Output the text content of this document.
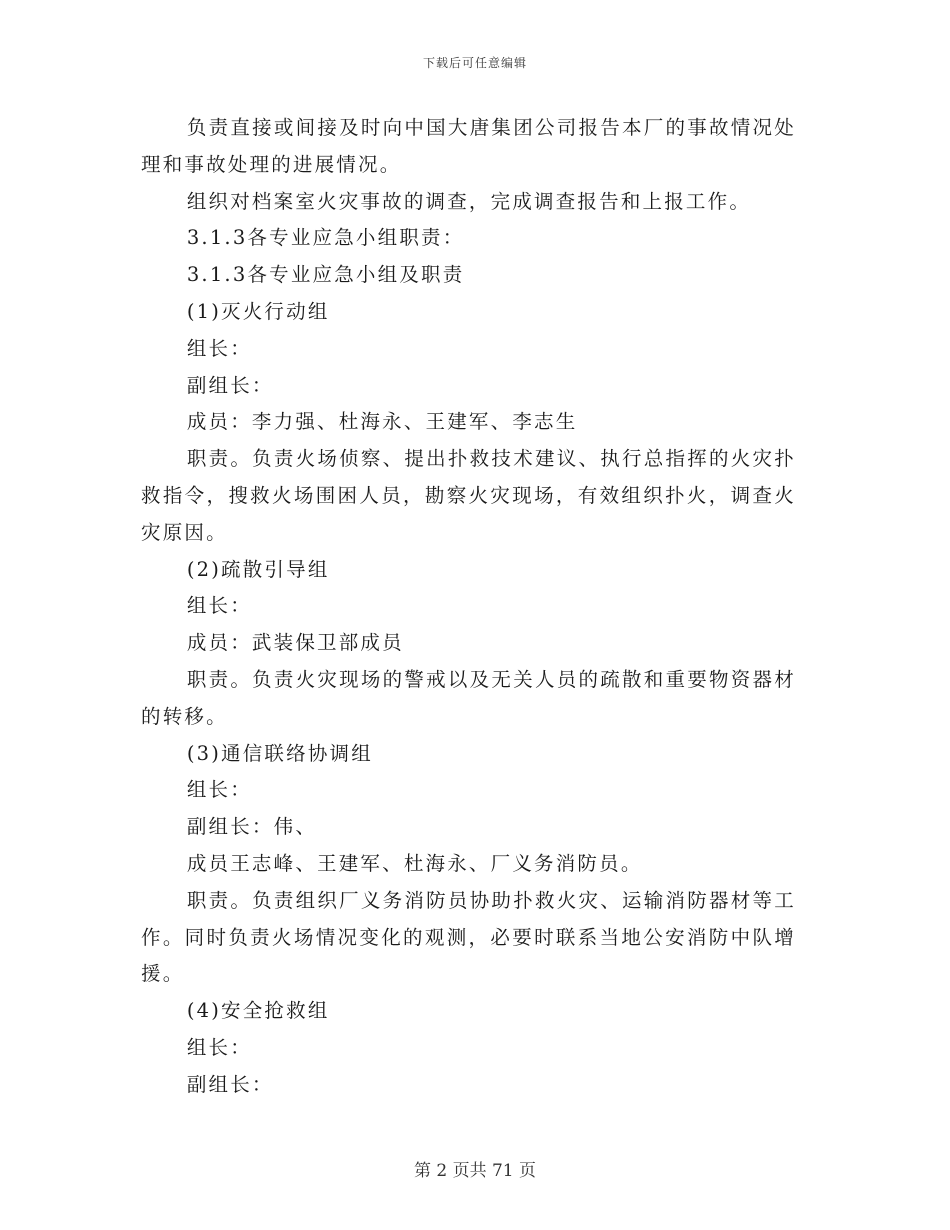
下载后可任意编辑

负责直接或间接及时向中国大唐集团公司报告本厂的事故情况处理和事故处理的进展情况。

组织对档案室火灾事故的调查，完成调查报告和上报工作。

3.1.3各专业应急小组职责：

3.1.3各专业应急小组及职责

(1)灭火行动组

组长：

副组长：

成员：李力强、杜海永、王建军、李志生

职责。负责火场侦察、提出扑救技术建议、执行总指挥的火灾扑救指令，搜救火场围困人员，勘察火灾现场，有效组织扑火，调查火灾原因。

(2)疏散引导组

组长：

成员：武装保卫部成员

职责。负责火灾现场的警戒以及无关人员的疏散和重要物资器材的转移。

(3)通信联络协调组

组长：

副组长：伟、

成员王志峰、王建军、杜海永、厂义务消防员。

职责。负责组织厂义务消防员协助扑救火灾、运输消防器材等工作。同时负责火场情况变化的观测，必要时联系当地公安消防中队增援。

(4)安全抢救组

组长：

副组长：

第 2 页共 71 页
